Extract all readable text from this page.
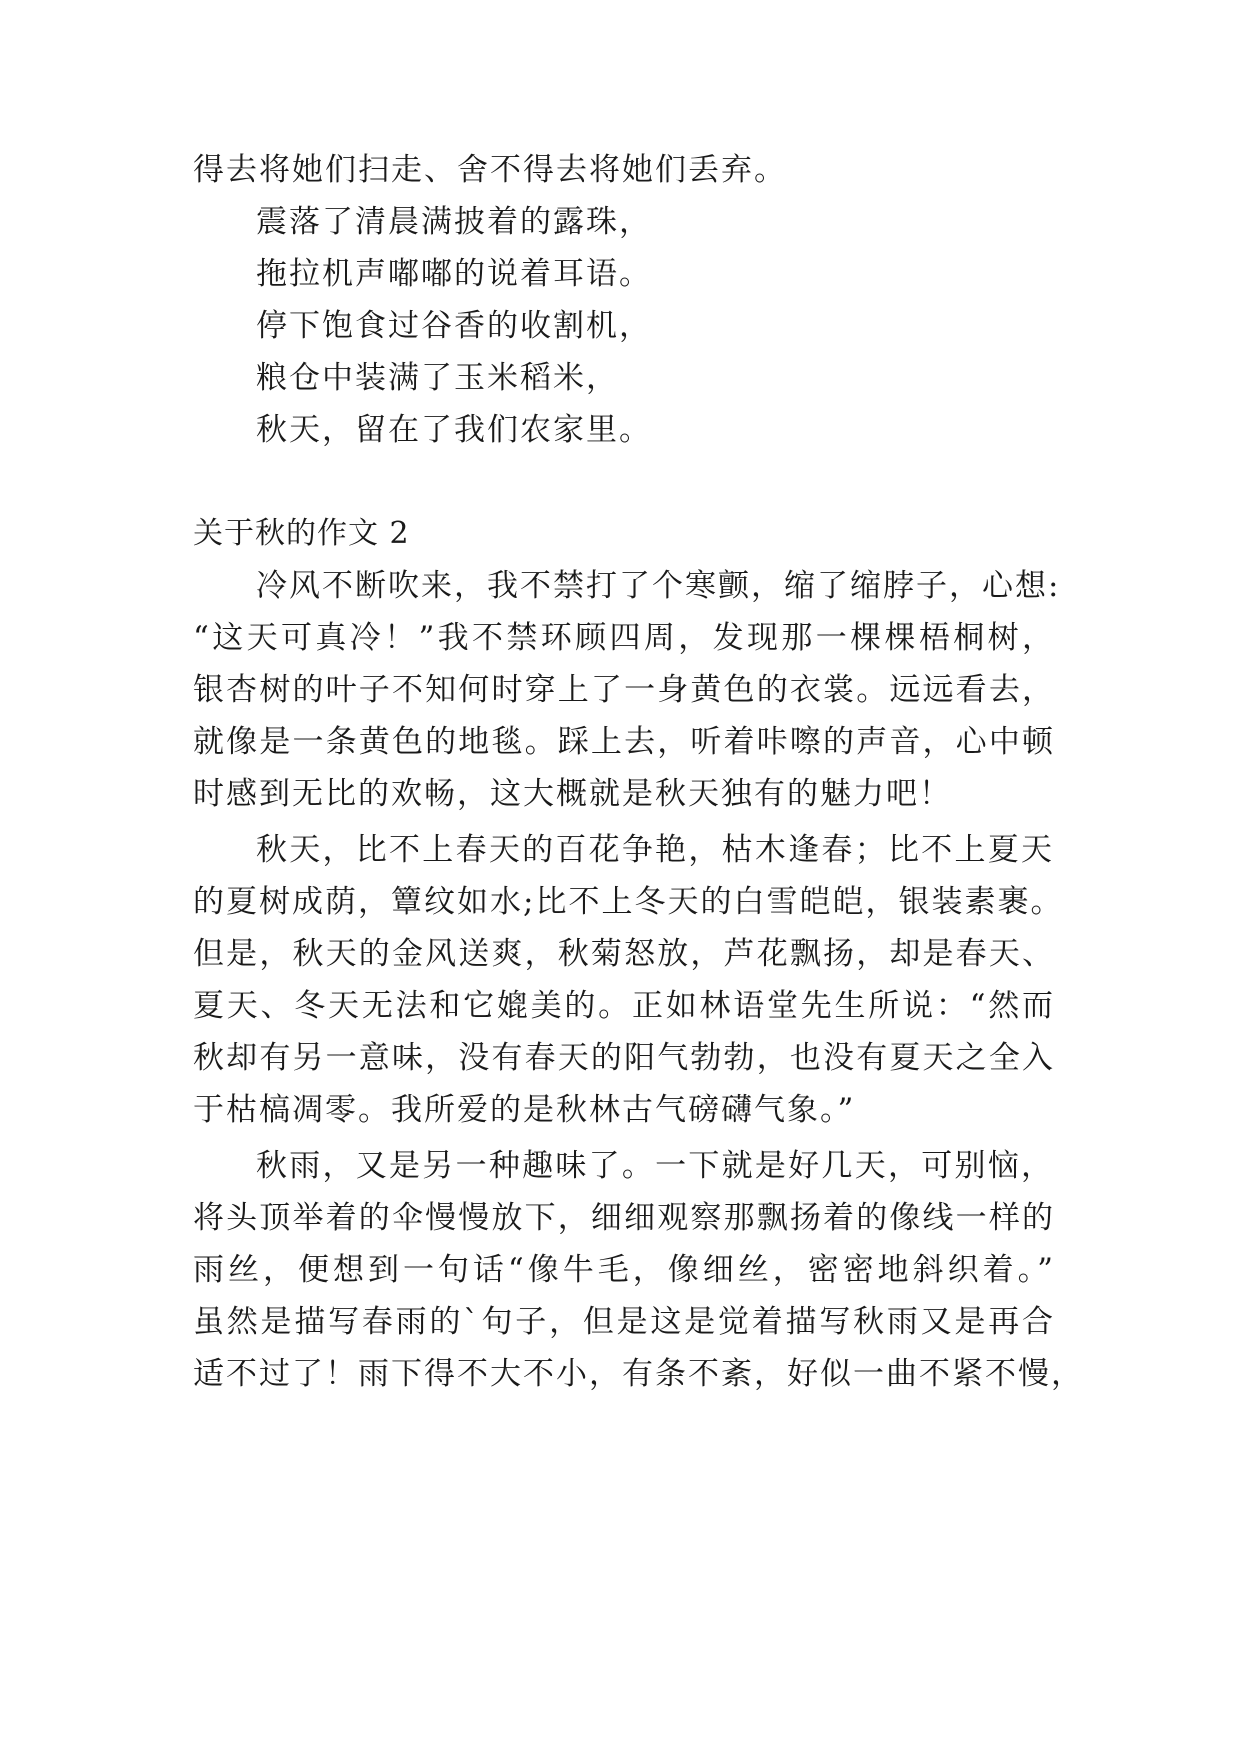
得去将她们扫走、舍不得去将她们丢弃。
震落了清晨满披着的露珠，
拖拉机声嘟嘟的说着耳语。
停下饱食过谷香的收割机，
粮仓中装满了玉米稻米，
秋天，留在了我们农家里。
关于秋的作文 2
冷风不断吹来，我不禁打了个寒颤，缩了缩脖子，心想:
“这天可真冷！”我不禁环顾四周，发现那一棵棵梧桐树，
银杏树的叶子不知何时穿上了一身黄色的衣裳。远远看去，
就像是一条黄色的地毯。踩上去，听着咔嚓的声音，心中顿
时感到无比的欢畅，这大概就是秋天独有的魅力吧！
秋天，比不上春天的百花争艳，枯木逢春；比不上夏天
的夏树成荫，簟纹如水;比不上冬天的白雪皑皑，银装素裹。
但是，秋天的金风送爽，秋菊怒放，芦花飘扬，却是春天、
夏天、冬天无法和它媲美的。正如林语堂先生所说：“然而
秋却有另一意味，没有春天的阳气勃勃，也没有夏天之全入
于枯槁凋零。我所爱的是秋林古气磅礴气象。”
秋雨，又是另一种趣味了。一下就是好几天，可别恼，
将头顶举着的伞慢慢放下，细细观察那飘扬着的像线一样的
雨丝，便想到一句话“像牛毛，像细丝，密密地斜织着。”
虽然是描写春雨的`句子，但是这是觉着描写秋雨又是再合
适不过了！雨下得不大不小，有条不紊，好似一曲不紧不慢，
